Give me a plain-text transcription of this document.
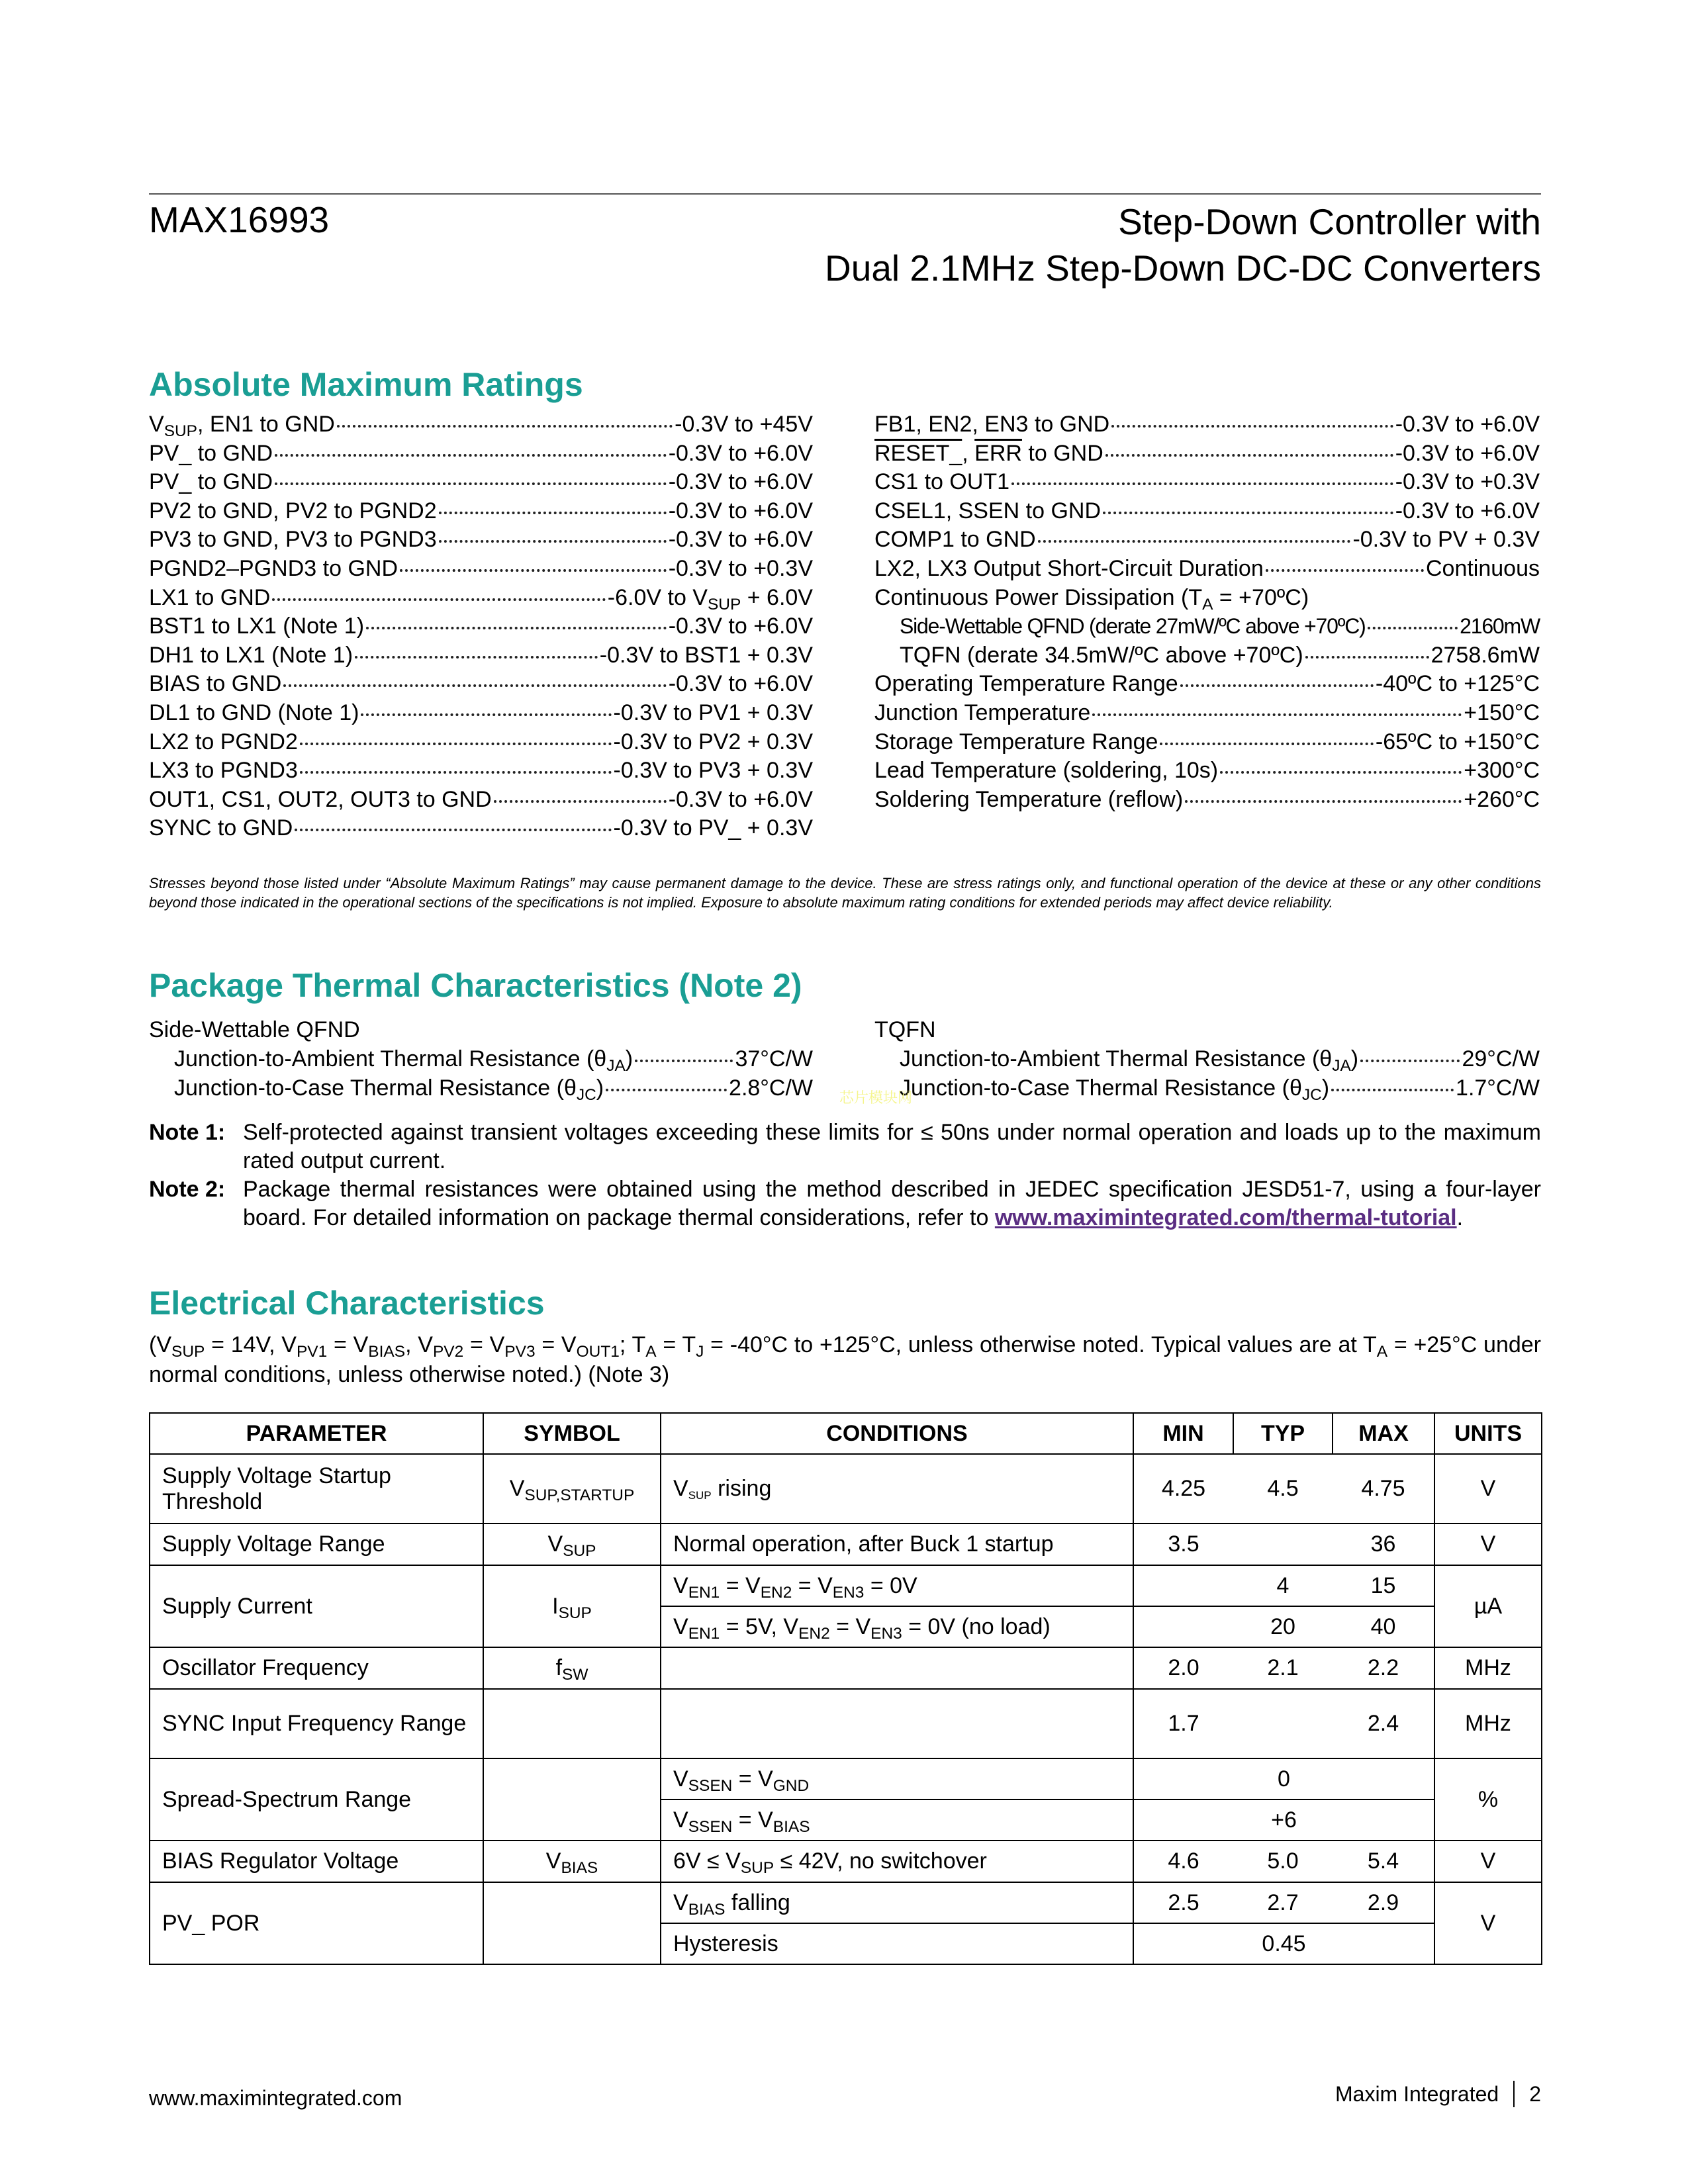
MAX16993	Step-Down Controller with
Dual 2.1MHz Step-Down DC-DC Converters
Absolute Maximum Ratings
$V_{SUP}$, EN1 to GND	-0.3V to +45V
PV_ to GND	-0.3V to +6.0V
PV_ to GND	-0.3V to +6.0V
PV2 to GND, PV2 to PGND2	-0.3V to +6.0V
PV3 to GND, PV3 to PGND3	-0.3V to +6.0V
PGND2–PGND3 to GND	-0.3V to +0.3V
LX1 to GND	-6.0V to $V_{SUP} + 6.0V$
BST1 to LX1 (Note 1)	-0.3V to +6.0V
DH1 to LX1 (Note 1)	-0.3V to BST1 + 0.3V
BIAS to GND	-0.3V to +6.0V
DL1 to GND (Note 1)	-0.3V to PV1 + 0.3V
LX2 to PGND2	-0.3V to PV2 + 0.3V
LX3 to PGND3	-0.3V to PV3 + 0.3V
OUT1, CS1, OUT2, OUT3 to GND	-0.3V to +6.0V
SYNC to GND	-0.3V to PV_ + 0.3V
FB1, EN2, EN3 to GND	-0.3V to +6.0V
RESET_, $\overline{ERR}$ to GND	-0.3V to +6.0V
CS1 to OUT1	-0.3V to +0.3V
CSEL1, SSEN to GND	-0.3V to +6.0V
COMP1 to GND	-0.3V to PV + 0.3V
LX2, LX3 Output Short-Circuit Duration	Continuous
Continuous Power Dissipation ($T_A$ = +70ºC)
Side-Wettable QFND (derate 27mW/ºC above +70ºC)	2160mW
TQFN (derate 34.5mW/ºC above +70ºC)	2758.6mW
Operating Temperature Range	-40ºC to +125°C
Junction Temperature	+150°C
Storage Temperature Range	-65ºC to +150°C
Lead Temperature (soldering, 10s)	+300°C
Soldering Temperature (reflow)	+260°C
Stresses beyond those listed under “Absolute Maximum Ratings” may cause permanent damage to the device. These are stress ratings only, and functional operation of the device at these or any other conditions beyond those indicated in the operational sections of the specifications is not implied. Exposure to absolute maximum rating conditions for extended periods may affect device reliability.
Package Thermal Characteristics (Note 2)
Side-Wettable QFND
Junction-to-Ambient Thermal Resistance $(\theta_{JA})$	37°C/W
Junction-to-Case Thermal Resistance $(\theta_{JC})$	2.8°C/W
TQFN
Junction-to-Ambient Thermal Resistance $(\theta_{JA})$	29°C/W
Junction-to-Case Thermal Resistance $(\theta_{JC})$	1.7°C/W
芯片模块网
Note 1: Self-protected against transient voltages exceeding these limits for ≤ 50ns under normal operation and loads up to the maximum rated output current.
Note 2: Package thermal resistances were obtained using the method described in JEDEC specification JESD51-7, using a four-layer board. For detailed information on package thermal considerations, refer to www.maximintegrated.com/thermal-tutorial.
Electrical Characteristics
($V_{SUP} = 14V$, $V_{PV1} = V_{BIAS}$, $V_{PV2} = V_{PV3} = V_{OUT1}$; $T_A = T_J = -40^\circ C$ to +125°C, unless otherwise noted. Typical values are at $T_A = +25^\circ C$ under normal conditions, unless otherwise noted.) (Note 3)
PARAMETER	SYMBOL	CONDITIONS	MIN	TYP	MAX	UNITS
Supply Voltage Startup Threshold	$V_{SUP,STARTUP}$	$V_{SUP}$ rising	4.25	4.5	4.75	V
Supply Voltage Range	$V_{SUP}$	Normal operation, after Buck 1 startup	3.5		36	V
Supply Current	$I_{SUP}$	$V_{EN1} = V_{EN2} = V_{EN3} = 0V$		4	15	µA
		$V_{EN1} = 5V$, $V_{EN2} = V_{EN3} = 0V$ (no load)		20	40	
Oscillator Frequency	$f_{SW}$		2.0	2.1	2.2	MHz
SYNC Input Frequency Range			1.7		2.4	MHz
Spread-Spectrum Range		$V_{SSEN} = V_{GND}$	0			%
		$V_{SSEN} = V_{BIAS}$	+6			
BIAS Regulator Voltage	$V_{BIAS}$	$6V \le V_{SUP} \le 42V$, no switchover	4.6	5.0	5.4	V
PV_ POR		$V_{BIAS}$ falling	2.5	2.7	2.9	V
		Hysteresis	0.45			
www.maximintegrated.com	Maxim Integrated 2
